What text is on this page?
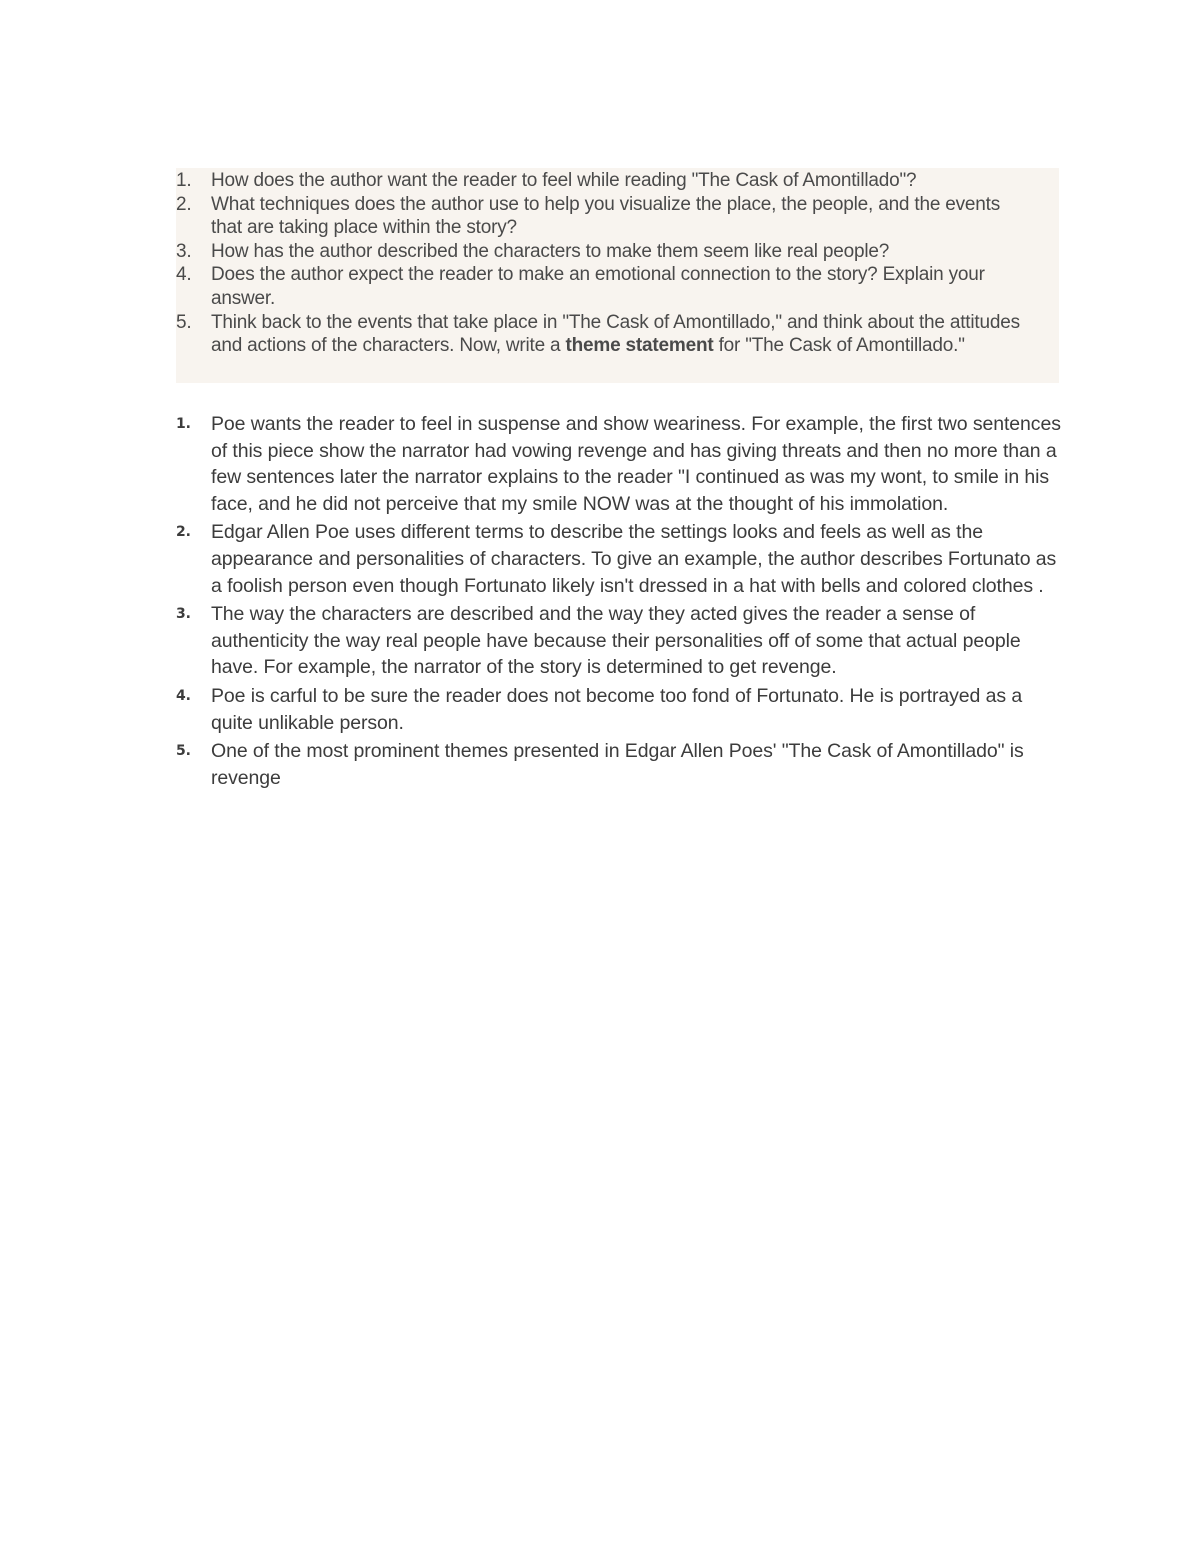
1.	How does the author want the reader to feel while reading "The Cask of Amontillado"?
2.	What techniques does the author use to help you visualize the place, the people, and the events that are taking place within the story?
3.	How has the author described the characters to make them seem like real people?
4.	Does the author expect the reader to make an emotional connection to the story? Explain your answer.
5.	Think back to the events that take place in "The Cask of Amontillado," and think about the attitudes and actions of the characters. Now, write a theme statement for "The Cask of Amontillado."
1.	Poe wants the reader to feel in suspense and show weariness. For example, the first two sentences of this piece show the narrator had vowing revenge and has giving threats and then no more than a few sentences later the narrator explains to the reader "I continued as was my wont, to smile in his face, and he did not perceive that my smile NOW was at the thought of his immolation.
2.	Edgar Allen Poe uses different terms to describe the settings looks and feels as well as the appearance and personalities of characters. To give an example, the author describes Fortunato as a foolish person even though Fortunato likely isn't dressed in a hat with bells and colored clothes .
3.	The way the characters are described and the way they acted gives the reader a sense of authenticity the way real people have because their personalities off of some that actual people have. For example, the narrator of the story is determined to get revenge.
4.	Poe is carful to be sure the reader does not become too fond of Fortunato. He is portrayed as a quite unlikable person.
5.	One of the most prominent themes presented in Edgar Allen Poes' "The Cask of Amontillado" is revenge
